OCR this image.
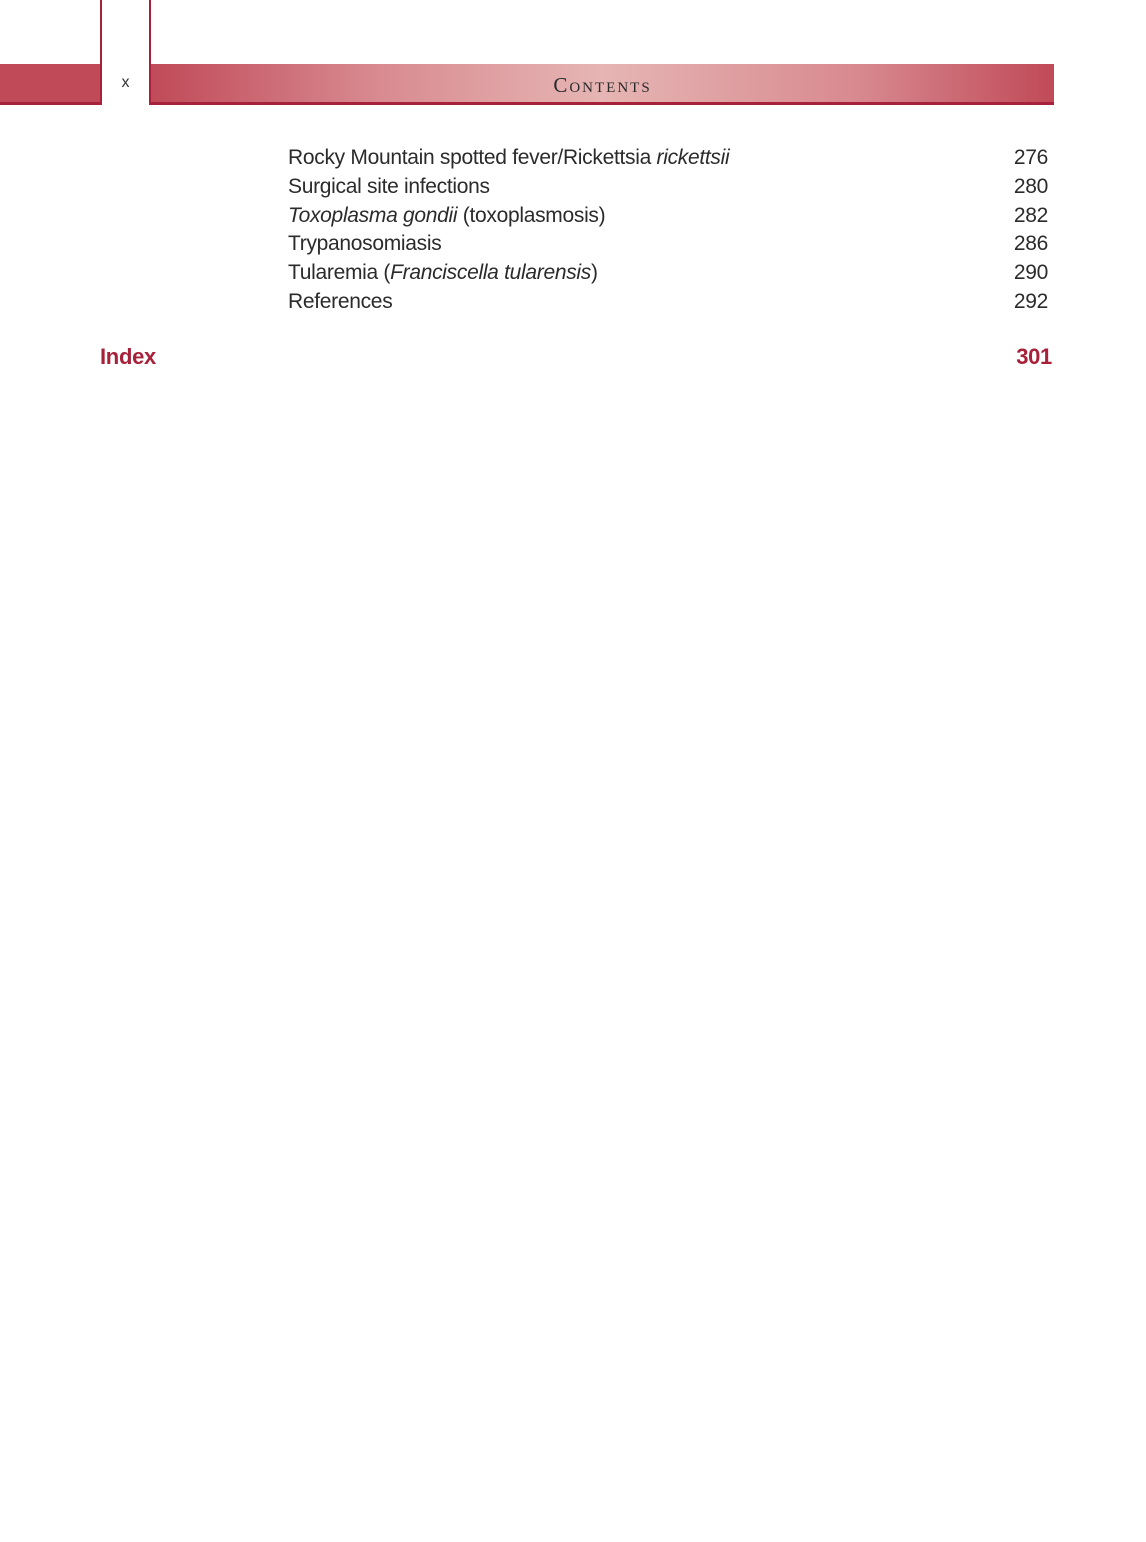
x	Contents
Rocky Mountain spotted fever/Rickettsia rickettsii	276
Surgical site infections	280
Toxoplasma gondii (toxoplasmosis)	282
Trypanosomiasis	286
Tularemia (Franciscella tularensis)	290
References	292
Index	301
